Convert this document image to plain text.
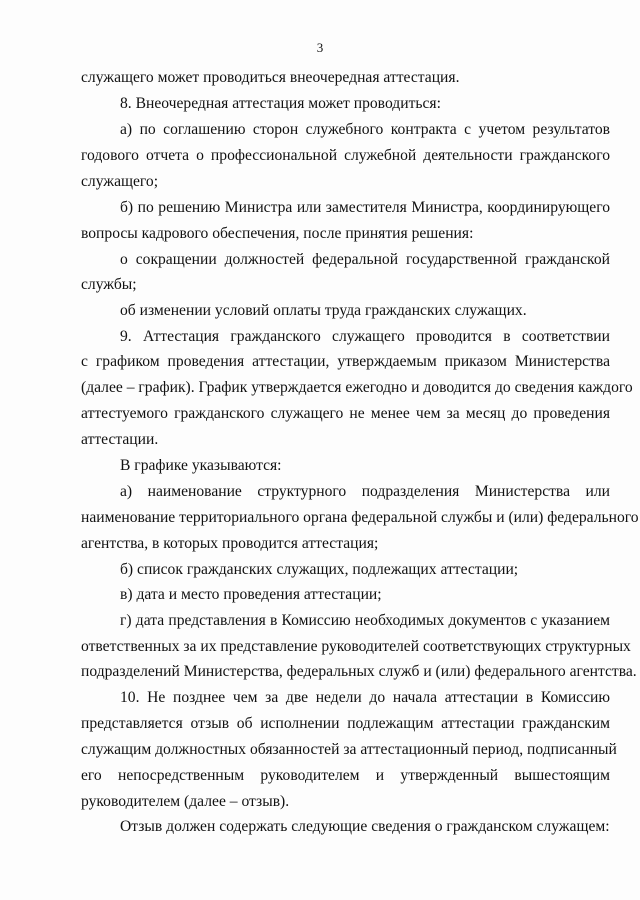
3
служащего может проводиться внеочередная аттестация.
8. Внеочередная аттестация может проводиться:
а) по соглашению сторон служебного контракта с учетом результатов
годового отчета о профессиональной служебной деятельности гражданского
служащего;
б) по решению Министра или заместителя Министра, координирующего
вопросы кадрового обеспечения, после принятия решения:
о сокращении должностей федеральной государственной гражданской
службы;
об изменении условий оплаты труда гражданских служащих.
9. Аттестация гражданского служащего проводится в соответствии
с графиком проведения аттестации, утверждаемым приказом Министерства
(далее – график). График утверждается ежегодно и доводится до сведения каждого
аттестуемого гражданского служащего не менее чем за месяц до проведения
аттестации.
В графике указываются:
а) наименование структурного подразделения Министерства или
наименование территориального органа федеральной службы и (или) федерального
агентства, в которых проводится аттестация;
б) список гражданских служащих, подлежащих аттестации;
в) дата и место проведения аттестации;
г) дата представления в Комиссию необходимых документов с указанием
ответственных за их представление руководителей соответствующих структурных
подразделений Министерства, федеральных служб и (или) федерального агентства.
10. Не позднее чем за две недели до начала аттестации в Комиссию
представляется отзыв об исполнении подлежащим аттестации гражданским
служащим должностных обязанностей за аттестационный период, подписанный
его непосредственным руководителем и утвержденный вышестоящим
руководителем (далее – отзыв).
Отзыв должен содержать следующие сведения о гражданском служащем:
